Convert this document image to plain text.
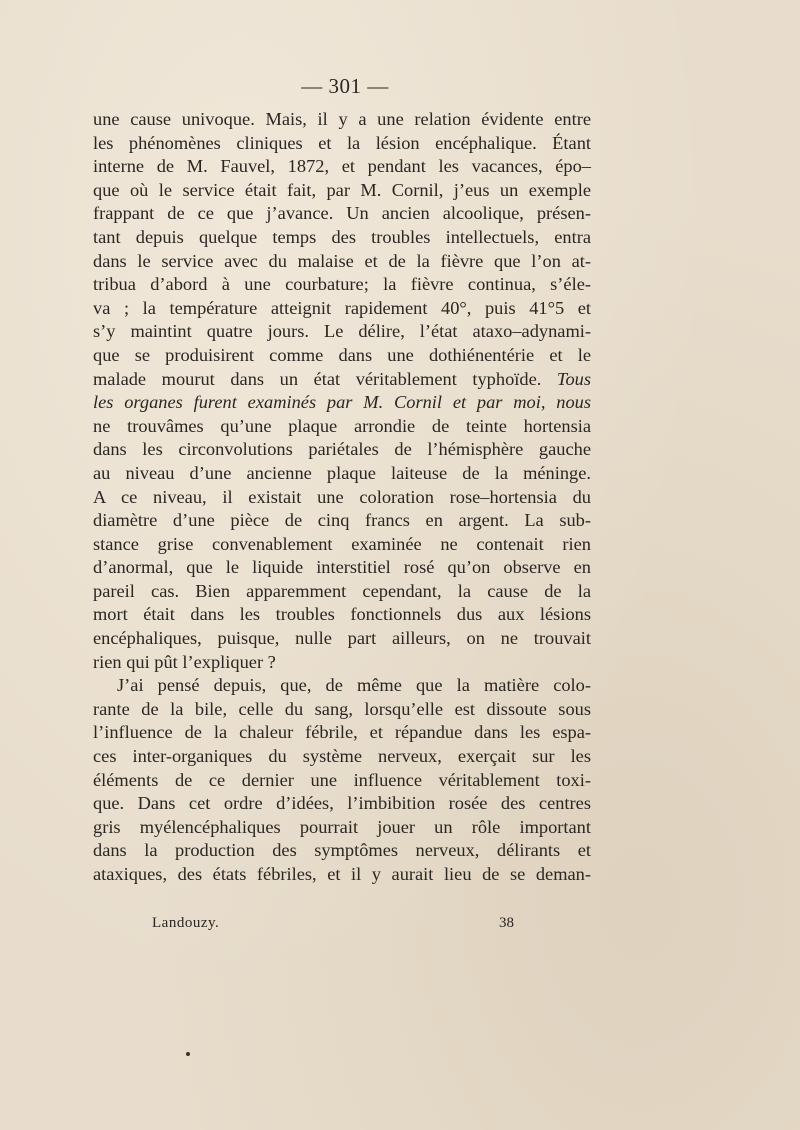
— 301 —
une cause univoque. Mais, il y a une relation évidente entre
les phénomènes cliniques et la lésion encéphalique. Étant
interne de M. Fauvel, 1872, et pendant les vacances, épo–
que où le service était fait, par M. Cornil, j’eus un exemple
frappant de ce que j’avance. Un ancien alcoolique, présen-
tant depuis quelque temps des troubles intellectuels, entra
dans le service avec du malaise et de la fièvre que l’on at-
tribua d’abord à une courbature; la fièvre continua, s’éle-
va ; la température atteignit rapidement 40°, puis 41°5 et
s’y maintint quatre jours. Le délire, l’état ataxo–adynami-
que se produisirent comme dans une dothiénentérie et le
malade mourut dans un état véritablement typhoïde. Tous
les organes furent examinés par M. Cornil et par moi, nous
ne trouvâmes qu’une plaque arrondie de teinte hortensia
dans les circonvolutions pariétales de l’hémisphère gauche
au niveau d’une ancienne plaque laiteuse de la méninge.
A ce niveau, il existait une coloration rose–hortensia du
diamètre d’une pièce de cinq francs en argent. La sub-
stance grise convenablement examinée ne contenait rien
d’anormal, que le liquide interstitiel rosé qu’on observe en
pareil cas. Bien apparemment cependant, la cause de la
mort était dans les troubles fonctionnels dus aux lésions
encéphaliques, puisque, nulle part ailleurs, on ne trouvait
rien qui pût l’expliquer ?
J’ai pensé depuis, que, de même que la matière colo-
rante de la bile, celle du sang, lorsqu’elle est dissoute sous
l’influence de la chaleur fébrile, et répandue dans les espa-
ces inter-organiques du système nerveux, exerçait sur les
éléments de ce dernier une influence véritablement toxi-
que. Dans cet ordre d’idées, l’imbibition rosée des centres
gris myélencéphaliques pourrait jouer un rôle important
dans la production des symptômes nerveux, délirants et
ataxiques, des états fébriles, et il y aurait lieu de se deman-
Landouzy.	38
